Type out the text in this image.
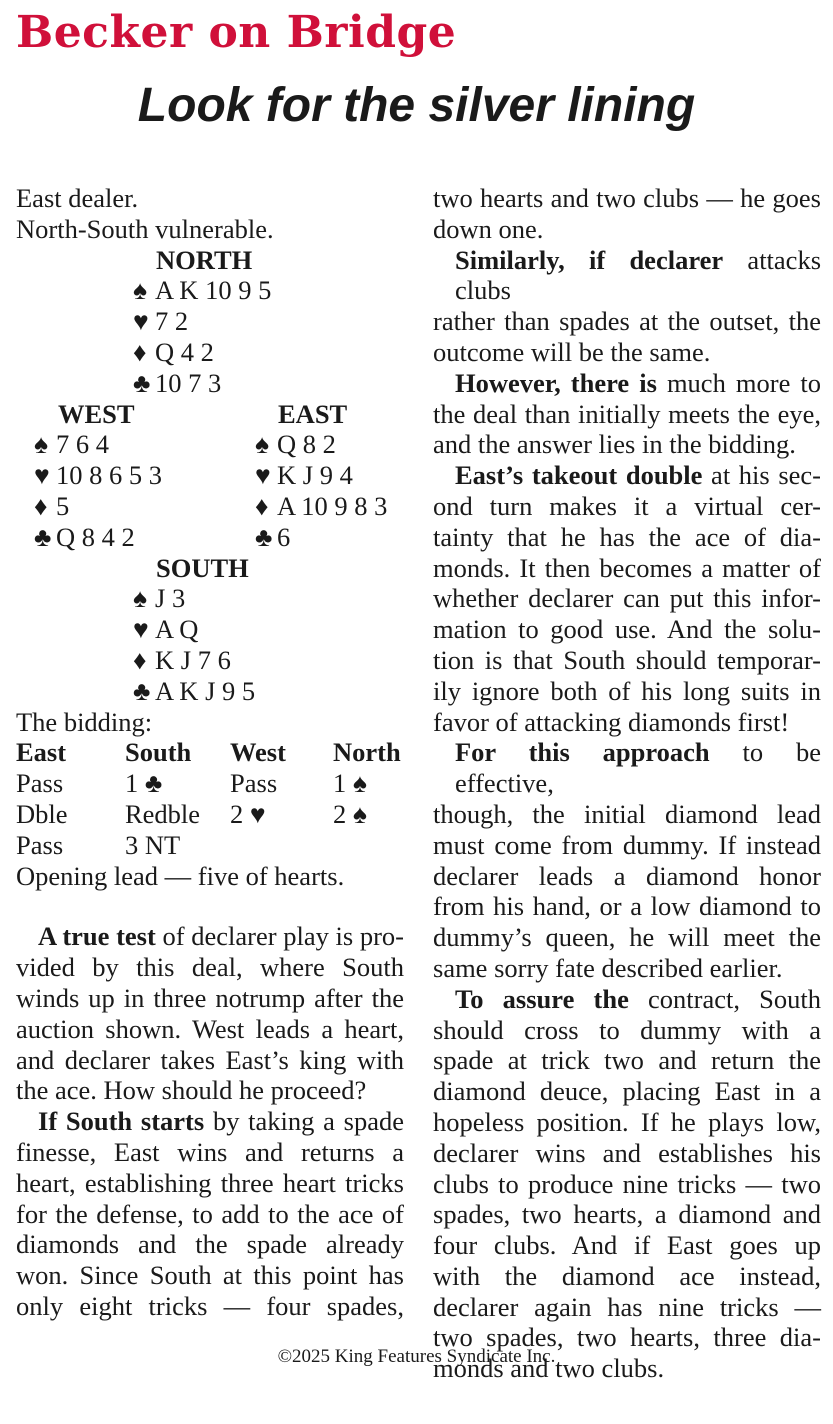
Becker on Bridge
Look for the silver lining
East dealer.
North-South vulnerable.
NORTH
♠ A K 10 9 5
♥ 7 2
♦ Q 4 2
♣ 10 7 3
WEST	EAST
♠ 7 6 4
♥ 10 8 6 5 3
♦ 5
♣ Q 8 4 2
♠ Q 8 2
♥ K J 9 4
♦ A 10 9 8 3
♣ 6
SOUTH
♠ J 3
♥ A Q
♦ K J 7 6
♣ A K J 9 5
The bidding:
East South West North
Pass 1 ♣	Pass 1 ♠
Dble Redble 2 ♥	2 ♠
Pass 3 NT
Opening lead — five of hearts.
A true test of declarer play is pro-
vided by this deal, where South
winds up in three notrump after the
auction shown. West leads a heart,
and declarer takes East’s king with
the ace. How should he proceed?
If South starts by taking a spade
finesse, East wins and returns a
heart, establishing three heart tricks
for the defense, to add to the ace of
diamonds and the spade already
won. Since South at this point has
only eight tricks — four spades,
two hearts and two clubs — he goes
down one.
Similarly, if declarer attacks clubs
rather than spades at the outset, the
outcome will be the same.
However, there is much more to
the deal than initially meets the eye,
and the answer lies in the bidding.
East’s takeout double at his sec-
ond turn makes it a virtual cer-
tainty that he has the ace of dia-
monds. It then becomes a matter of
whether declarer can put this infor-
mation to good use. And the solu-
tion is that South should temporar-
ily ignore both of his long suits in
favor of attacking diamonds first!
For this approach to be effective,
though, the initial diamond lead
must come from dummy. If instead
declarer leads a diamond honor
from his hand, or a low diamond to
dummy’s queen, he will meet the
same sorry fate described earlier.
To assure the contract, South
should cross to dummy with a
spade at trick two and return the
diamond deuce, placing East in a
hopeless position. If he plays low,
declarer wins and establishes his
clubs to produce nine tricks — two
spades, two hearts, a diamond and
four clubs. And if East goes up
with the diamond ace instead,
declarer again has nine tricks —
two spades, two hearts, three dia-
monds and two clubs.
©2025 King Features Syndicate Inc.
